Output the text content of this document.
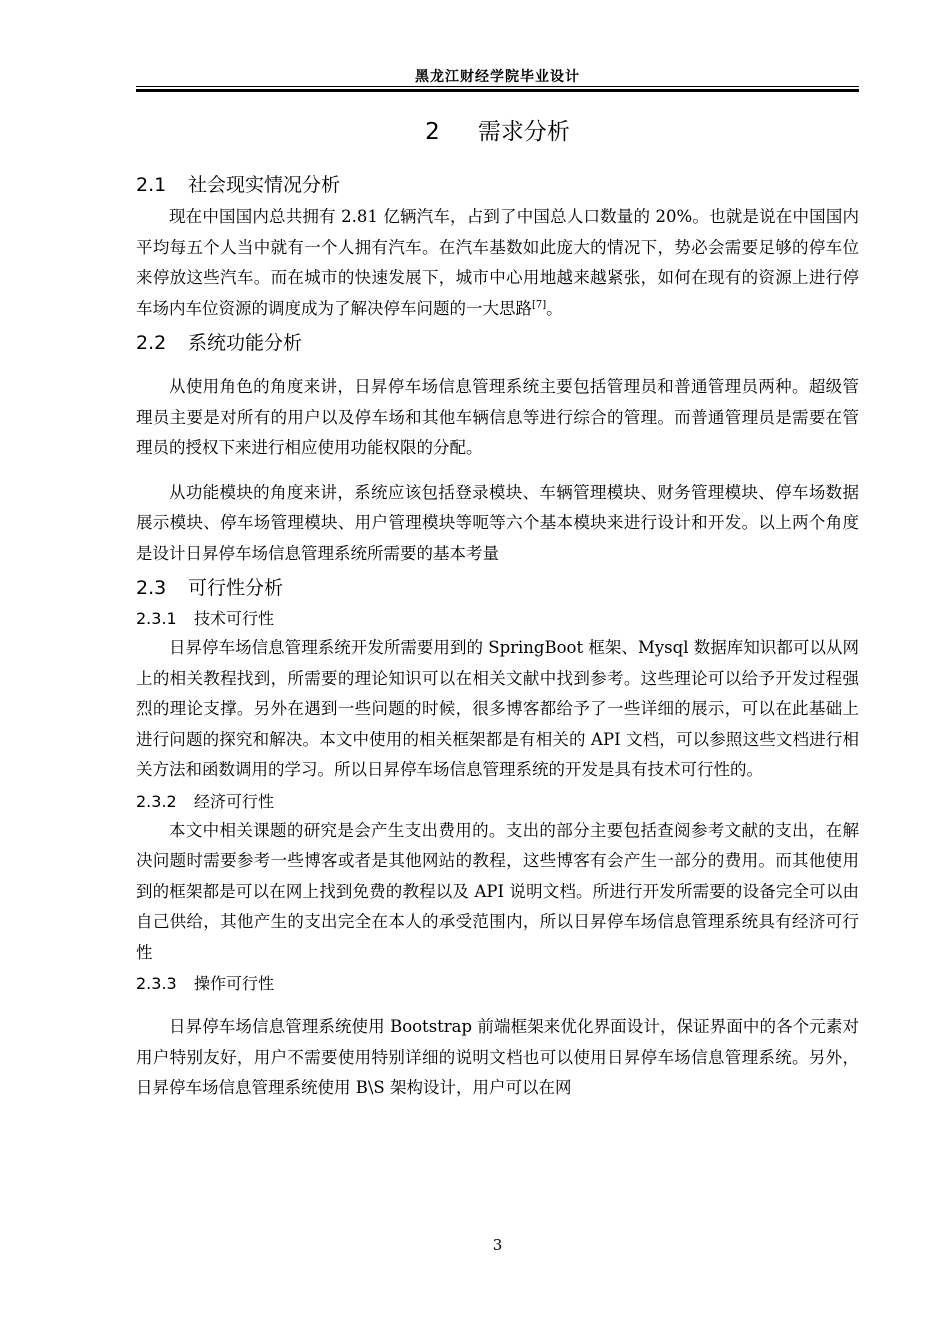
黑龙江财经学院毕业设计
2 需求分析
2.1 社会现实情况分析

现在中国国内总共拥有 2.81 亿辆汽车，占到了中国总人口数量的 20%。也就是说在中国国内平均每五个人当中就有一个人拥有汽车。在汽车基数如此庞大的情况下，势必会需要足够的停车位来停放这些汽车。而在城市的快速发展下，城市中心用地越来越紧张，如何在现有的资源上进行停车场内车位资源的调度成为了解决停车问题的一大思路[7]。

2.2 系统功能分析

从使用角色的角度来讲，日昇停车场信息管理系统主要包括管理员和普通管理员两种。超级管理员主要是对所有的用户以及停车场和其他车辆信息等进行综合的管理。而普通管理员是需要在管理员的授权下来进行相应使用功能权限的分配。

从功能模块的角度来讲，系统应该包括登录模块、车辆管理模块、财务管理模块、停车场数据展示模块、停车场管理模块、用户管理模块等呃等六个基本模块来进行设计和开发。以上两个角度是设计日昇停车场信息管理系统所需要的基本考量

2.3 可行性分析
2.3.1 技术可行性

日昇停车场信息管理系统开发所需要用到的 SpringBoot 框架、Mysql 数据库知识都可以从网上的相关教程找到，所需要的理论知识可以在相关文献中找到参考。这些理论可以给予开发过程强烈的理论支撑。另外在遇到一些问题的时候，很多博客都给予了一些详细的展示，可以在此基础上进行问题的探究和解决。本文中使用的相关框架都是有相关的 API 文档，可以参照这些文档进行相关方法和函数调用的学习。所以日昇停车场信息管理系统的开发是具有技术可行性的。

2.3.2 经济可行性

本文中相关课题的研究是会产生支出费用的。支出的部分主要包括查阅参考文献的支出，在解决问题时需要参考一些博客或者是其他网站的教程，这些博客有会产生一部分的费用。而其他使用到的框架都是可以在网上找到免费的教程以及 API 说明文档。所进行开发所需要的设备完全可以由自己供给，其他产生的支出完全在本人的承受范围内，所以日昇停车场信息管理系统具有经济可行性

2.3.3 操作可行性

日昇停车场信息管理系统使用 Bootstrap 前端框架来优化界面设计，保证界面中的各个元素对用户特别友好，用户不需要使用特别详细的说明文档也可以使用日昇停车场信息管理系统。另外，日昇停车场信息管理系统使用 B\S 架构设计，用户可以在网

3
